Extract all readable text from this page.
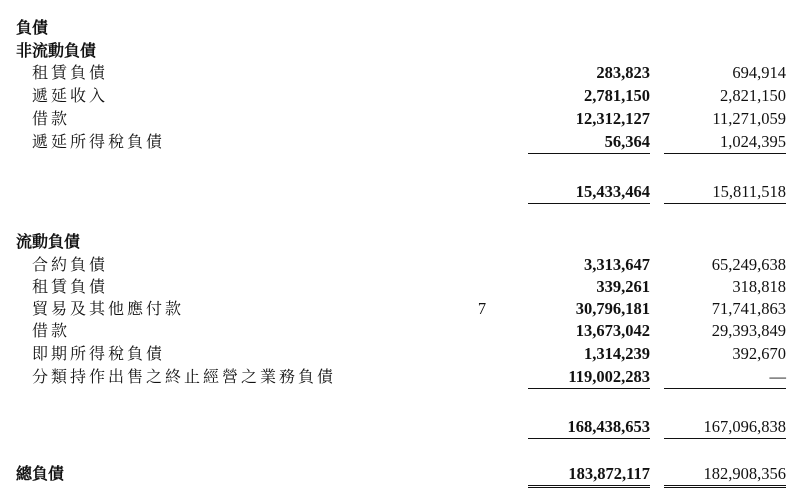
負債
非流動負債
租賃負債	283,823	694,914
遞延收入	2,781,150	2,821,150
借款	12,312,127	11,271,059
遞延所得稅負債	56,364	1,024,395
15,433,464	15,811,518
流動負債
合約負債	3,313,647	65,249,638
租賃負債	339,261	318,818
貿易及其他應付款	7	30,796,181	71,741,863
借款	13,673,042	29,393,849
即期所得稅負債	1,314,239	392,670
分類持作出售之終止經營之業務負債	119,002,283	—
168,438,653	167,096,838
總負債	183,872,117	182,908,356
